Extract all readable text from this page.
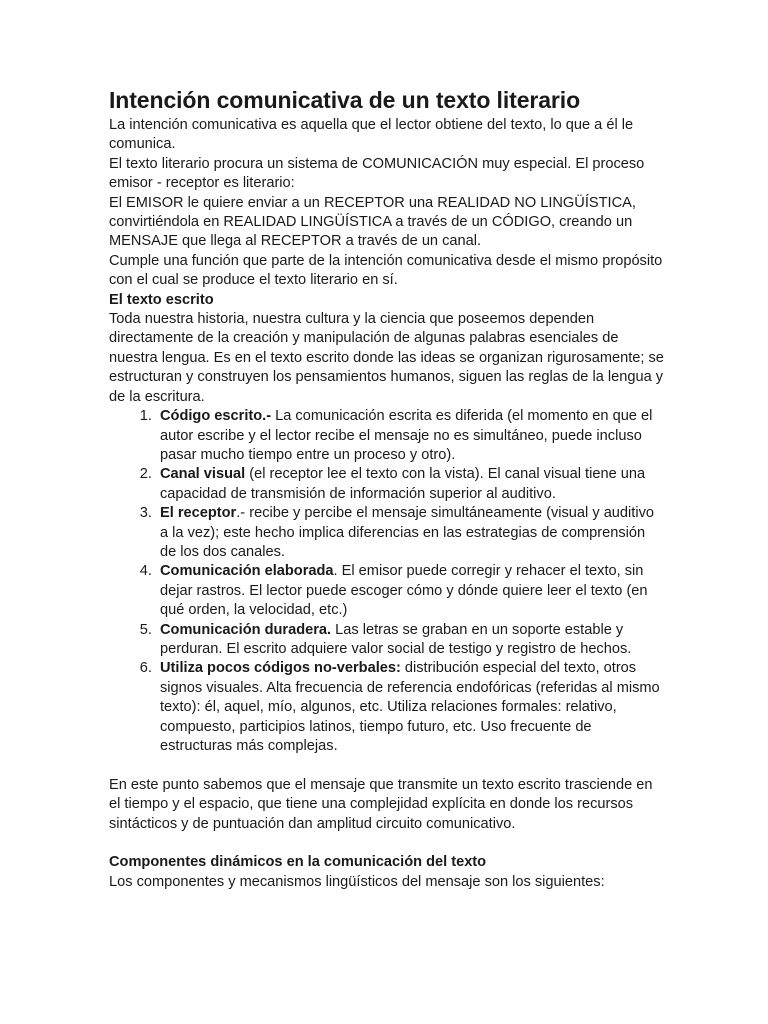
Intención comunicativa de un texto literario

La intención comunicativa es aquella que el lector obtiene del texto, lo que a él le comunica.

El texto literario procura un sistema de COMUNICACIÓN muy especial. El proceso emisor - receptor es literario:

El EMISOR le quiere enviar a un RECEPTOR una REALIDAD NO LINGÜÍSTICA, convirtiéndola en REALIDAD LINGÜÍSTICA a través de un CÓDIGO, creando un MENSAJE que llega al RECEPTOR a través de un canal.

Cumple una función que parte de la intención comunicativa desde el mismo propósito con el cual se produce el texto literario en sí.

El texto escrito

Toda nuestra historia, nuestra cultura y la ciencia que poseemos dependen directamente de la creación y manipulación de algunas palabras esenciales de nuestra lengua. Es en el texto escrito donde las ideas se organizan rigurosamente; se estructuran y construyen los pensamientos humanos, siguen las reglas de la lengua y de la escritura.

1. Código escrito.- La comunicación escrita es diferida (el momento en que el autor escribe y el lector recibe el mensaje no es simultáneo, puede incluso pasar mucho tiempo entre un proceso y otro).
2. Canal visual (el receptor lee el texto con la vista). El canal visual tiene una capacidad de transmisión de información superior al auditivo.
3. El receptor.- recibe y percibe el mensaje simultáneamente (visual y auditivo a la vez); este hecho implica diferencias en las estrategias de comprensión de los dos canales.
4. Comunicación elaborada. El emisor puede corregir y rehacer el texto, sin dejar rastros. El lector puede escoger cómo y dónde quiere leer el texto (en qué orden, la velocidad, etc.)
5. Comunicación duradera. Las letras se graban en un soporte estable y perduran. El escrito adquiere valor social de testigo y registro de hechos.
6. Utiliza pocos códigos no-verbales: distribución especial del texto, otros signos visuales. Alta frecuencia de referencia endofóricas (referidas al mismo texto): él, aquel, mío, algunos, etc. Utiliza relaciones formales: relativo, compuesto, participios latinos, tiempo futuro, etc. Uso frecuente de estructuras más complejas.

En este punto sabemos que el mensaje que transmite un texto escrito trasciende en el tiempo y el espacio, que tiene una complejidad explícita en donde los recursos sintácticos y de puntuación dan amplitud circuito comunicativo.

Componentes dinámicos en la comunicación del texto

Los componentes y mecanismos lingüísticos del mensaje son los siguientes:
